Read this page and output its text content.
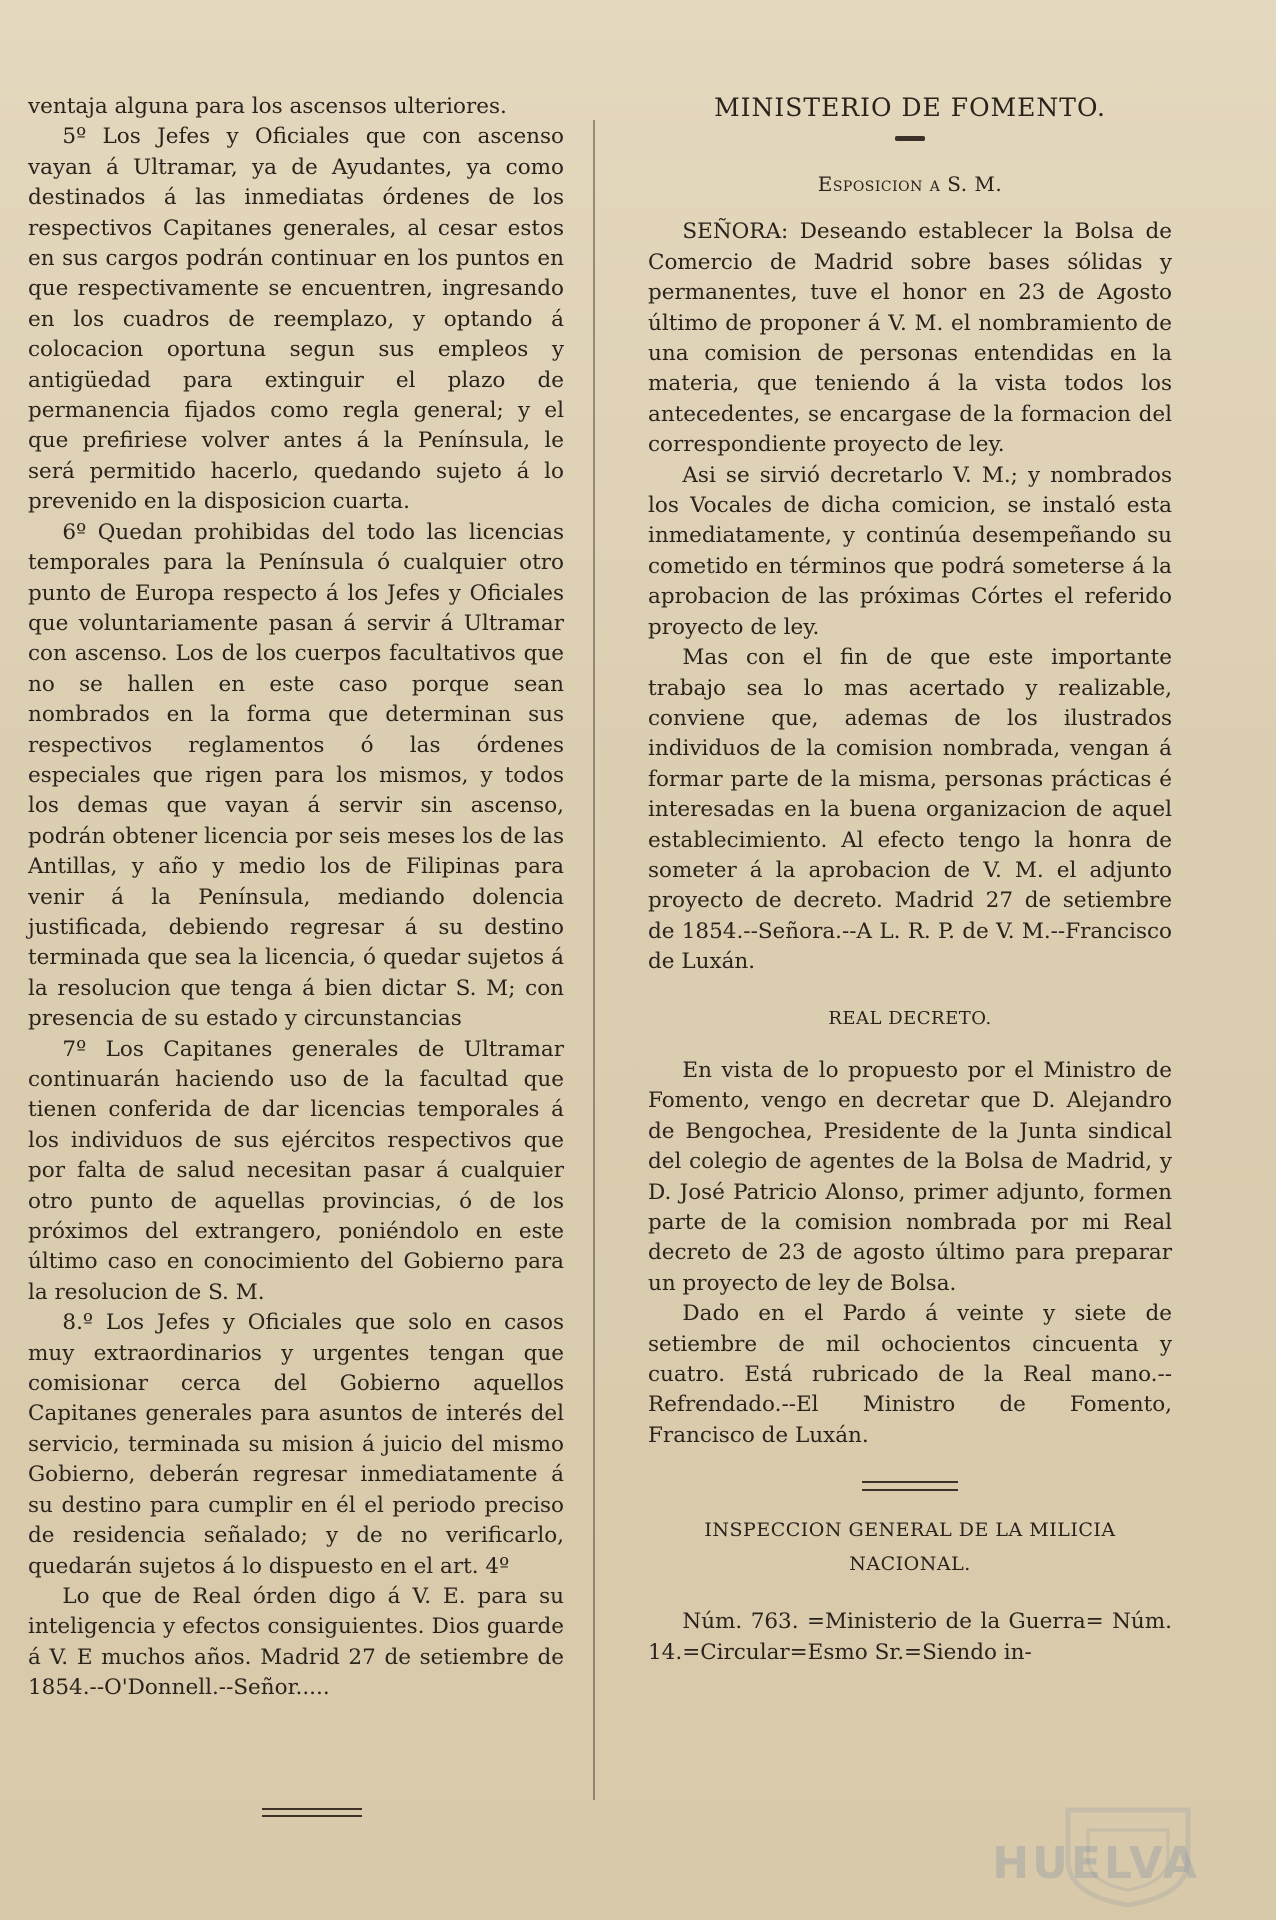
ventaja alguna para los ascensos ulteriores.

5º Los Jefes y Oficiales que con ascenso vayan á Ultramar, ya de Ayudantes, ya como destinados á las inmediatas órdenes de los respectivos Capitanes generales, al cesar estos en sus cargos podrán continuar en los puntos en que respectivamente se encuentren, ingresando en los cuadros de reemplazo, y optando á colocacion oportuna segun sus empleos y antigüedad para extinguir el plazo de permanencia fijados como regla general; y el que prefiriese volver antes á la Península, le será permitido hacerlo, quedando sujeto á lo prevenido en la disposicion cuarta.

6º Quedan prohibidas del todo las licencias temporales para la Península ó cualquier otro punto de Europa respecto á los Jefes y Oficiales que voluntariamente pasan á servir á Ultramar con ascenso. Los de los cuerpos facultativos que no se hallen en este caso porque sean nombrados en la forma que determinan sus respectivos reglamentos ó las órdenes especiales que rigen para los mismos, y todos los demas que vayan á servir sin ascenso, podrán obtener licencia por seis meses los de las Antillas, y año y medio los de Filipinas para venir á la Península, mediando dolencia justificada, debiendo regresar á su destino terminada que sea la licencia, ó quedar sujetos á la resolucion que tenga á bien dictar S. M; con presencia de su estado y circunstancias

7º Los Capitanes generales de Ultramar continuarán haciendo uso de la facultad que tienen conferida de dar licencias temporales á los individuos de sus ejércitos respectivos que por falta de salud necesitan pasar á cualquier otro punto de aquellas provincias, ó de los próximos del extrangero, poniéndolo en este último caso en conocimiento del Gobierno para la resolucion de S. M.

8.º Los Jefes y Oficiales que solo en casos muy extraordinarios y urgentes tengan que comisionar cerca del Gobierno aquellos Capitanes generales para asuntos de interés del servicio, terminada su mision á juicio del mismo Gobierno, deberán regresar inmediatamente á su destino para cumplir en él el periodo preciso de residencia señalado; y de no verificarlo, quedarán sujetos á lo dispuesto en el art. 4º

Lo que de Real órden digo á V. E. para su inteligencia y efectos consiguientes. Dios guarde á V. E muchos años. Madrid 27 de setiembre de 1854.--O'Donnell.--Señor.....

MINISTERIO DE FOMENTO.
Esposicion a S. M.

SEÑORA: Deseando establecer la Bolsa de Comercio de Madrid sobre bases sólidas y permanentes, tuve el honor en 23 de Agosto último de proponer á V. M. el nombramiento de una comision de personas entendidas en la materia, que teniendo á la vista todos los antecedentes, se encargase de la formacion del correspondiente proyecto de ley.

Asi se sirvió decretarlo V. M.; y nombrados los Vocales de dicha comicion, se instaló esta inmediatamente, y continúa desempeñando su cometido en términos que podrá someterse á la aprobacion de las próximas Córtes el referido proyecto de ley.

Mas con el fin de que este importante trabajo sea lo mas acertado y realizable, conviene que, ademas de los ilustrados individuos de la comision nombrada, vengan á formar parte de la misma, personas prácticas é interesadas en la buena organizacion de aquel establecimiento. Al efecto tengo la honra de someter á la aprobacion de V. M. el adjunto proyecto de decreto. Madrid 27 de setiembre de 1854.--Señora.--A L. R. P. de V. M.--Francisco de Luxán.

REAL DECRETO.

En vista de lo propuesto por el Ministro de Fomento, vengo en decretar que D. Alejandro de Bengochea, Presidente de la Junta sindical del colegio de agentes de la Bolsa de Madrid, y D. José Patricio Alonso, primer adjunto, formen parte de la comision nombrada por mi Real decreto de 23 de agosto último para preparar un proyecto de ley de Bolsa.

Dado en el Pardo á veinte y siete de setiembre de mil ochocientos cincuenta y cuatro. Está rubricado de la Real mano.--Refrendado.--El Ministro de Fomento, Francisco de Luxán.

INSPECCION GENERAL DE LA MILICIA
NACIONAL.

Núm. 763. =Ministerio de la Guerra= Núm. 14.=Circular=Esmo Sr.=Siendo in-

HUELVA
